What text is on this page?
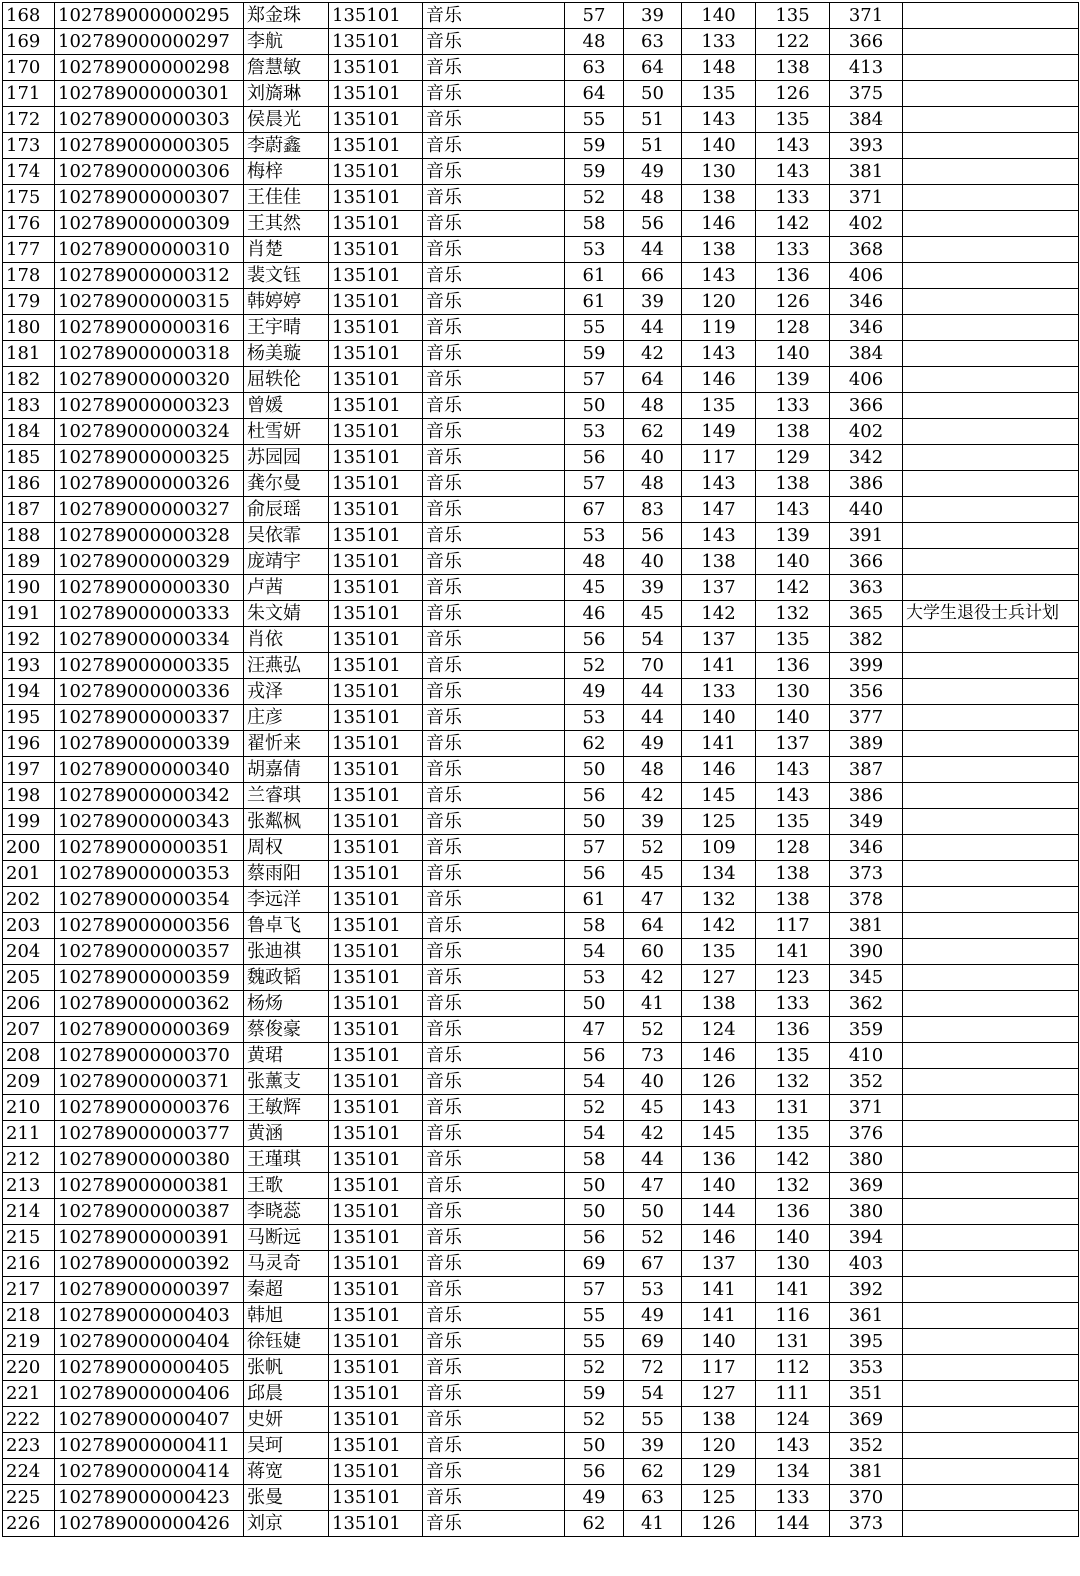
168	102789000000295	郑金珠	135101	音乐	57	39	140	135	371	
169	102789000000297	李航	135101	音乐	48	63	133	122	366	
170	102789000000298	詹慧敏	135101	音乐	63	64	148	138	413	
171	102789000000301	刘旖琳	135101	音乐	64	50	135	126	375	
172	102789000000303	侯晨光	135101	音乐	55	51	143	135	384	
173	102789000000305	李蔚鑫	135101	音乐	59	51	140	143	393	
174	102789000000306	梅梓	135101	音乐	59	49	130	143	381	
175	102789000000307	王佳佳	135101	音乐	52	48	138	133	371	
176	102789000000309	王其然	135101	音乐	58	56	146	142	402	
177	102789000000310	肖楚	135101	音乐	53	44	138	133	368	
178	102789000000312	裴文钰	135101	音乐	61	66	143	136	406	
179	102789000000315	韩婷婷	135101	音乐	61	39	120	126	346	
180	102789000000316	王宇晴	135101	音乐	55	44	119	128	346	
181	102789000000318	杨美璇	135101	音乐	59	42	143	140	384	
182	102789000000320	屈轶伦	135101	音乐	57	64	146	139	406	
183	102789000000323	曾媛	135101	音乐	50	48	135	133	366	
184	102789000000324	杜雪妍	135101	音乐	53	62	149	138	402	
185	102789000000325	苏园园	135101	音乐	56	40	117	129	342	
186	102789000000326	龚尔曼	135101	音乐	57	48	143	138	386	
187	102789000000327	俞辰瑶	135101	音乐	67	83	147	143	440	
188	102789000000328	吴依霏	135101	音乐	53	56	143	139	391	
189	102789000000329	庞靖宇	135101	音乐	48	40	138	140	366	
190	102789000000330	卢茜	135101	音乐	45	39	137	142	363	
191	102789000000333	朱文婧	135101	音乐	46	45	142	132	365	大学生退役士兵计划
192	102789000000334	肖依	135101	音乐	56	54	137	135	382	
193	102789000000335	汪燕弘	135101	音乐	52	70	141	136	399	
194	102789000000336	戎泽	135101	音乐	49	44	133	130	356	
195	102789000000337	庄彦	135101	音乐	53	44	140	140	377	
196	102789000000339	翟忻来	135101	音乐	62	49	141	137	389	
197	102789000000340	胡嘉倩	135101	音乐	50	48	146	143	387	
198	102789000000342	兰睿琪	135101	音乐	56	42	145	143	386	
199	102789000000343	张粼枫	135101	音乐	50	39	125	135	349	
200	102789000000351	周权	135101	音乐	57	52	109	128	346	
201	102789000000353	蔡雨阳	135101	音乐	56	45	134	138	373	
202	102789000000354	李远洋	135101	音乐	61	47	132	138	378	
203	102789000000356	鲁卓飞	135101	音乐	58	64	142	117	381	
204	102789000000357	张迪祺	135101	音乐	54	60	135	141	390	
205	102789000000359	魏政韬	135101	音乐	53	42	127	123	345	
206	102789000000362	杨炀	135101	音乐	50	41	138	133	362	
207	102789000000369	蔡俊豪	135101	音乐	47	52	124	136	359	
208	102789000000370	黄珺	135101	音乐	56	73	146	135	410	
209	102789000000371	张薰支	135101	音乐	54	40	126	132	352	
210	102789000000376	王敏辉	135101	音乐	52	45	143	131	371	
211	102789000000377	黄涵	135101	音乐	54	42	145	135	376	
212	102789000000380	王瑾琪	135101	音乐	58	44	136	142	380	
213	102789000000381	王歌	135101	音乐	50	47	140	132	369	
214	102789000000387	李晓蕊	135101	音乐	50	50	144	136	380	
215	102789000000391	马断远	135101	音乐	56	52	146	140	394	
216	102789000000392	马灵奇	135101	音乐	69	67	137	130	403	
217	102789000000397	秦超	135101	音乐	57	53	141	141	392	
218	102789000000403	韩旭	135101	音乐	55	49	141	116	361	
219	102789000000404	徐钰婕	135101	音乐	55	69	140	131	395	
220	102789000000405	张帆	135101	音乐	52	72	117	112	353	
221	102789000000406	邱晨	135101	音乐	59	54	127	111	351	
222	102789000000407	史妍	135101	音乐	52	55	138	124	369	
223	102789000000411	吴珂	135101	音乐	50	39	120	143	352	
224	102789000000414	蒋宽	135101	音乐	56	62	129	134	381	
225	102789000000423	张曼	135101	音乐	49	63	125	133	370	
226	102789000000426	刘京	135101	音乐	62	41	126	144	373	
